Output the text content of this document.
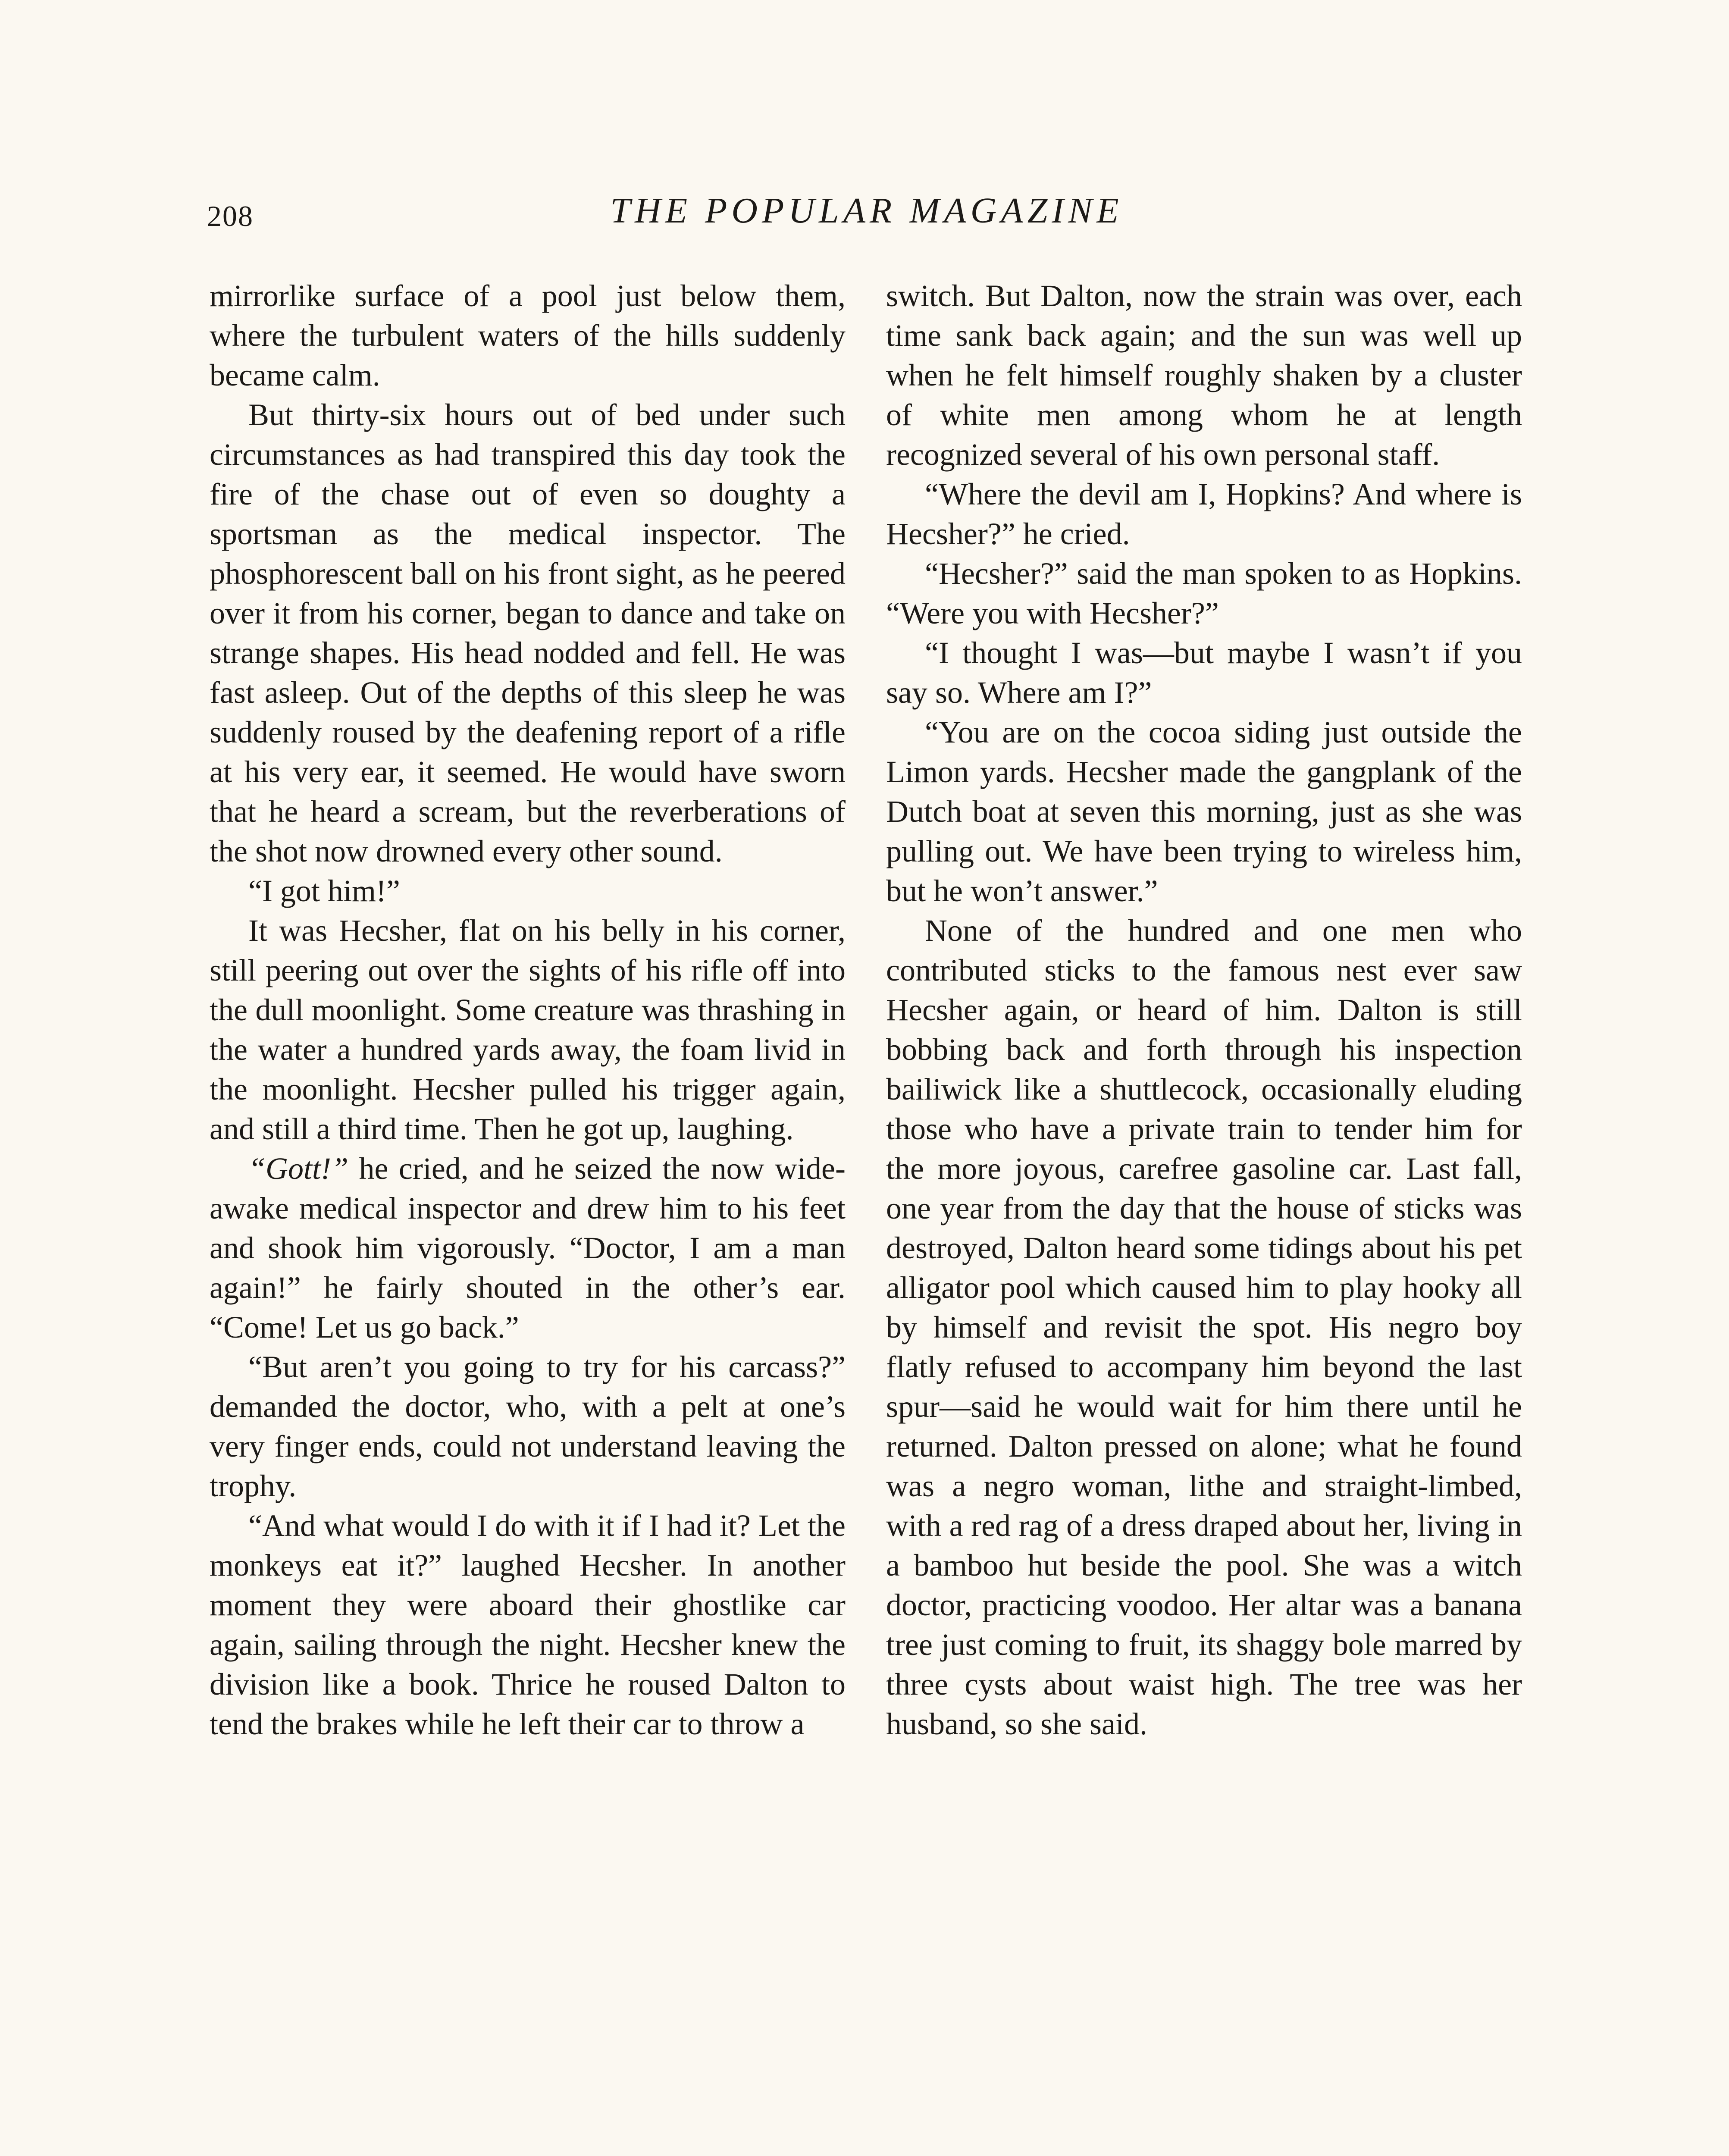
208	THE POPULAR MAGAZINE

mirrorlike surface of a pool just below them, where the turbulent waters of the hills suddenly became calm.

But thirty-six hours out of bed under such circumstances as had transpired this day took the fire of the chase out of even so doughty a sportsman as the medical inspector. The phosphorescent ball on his front sight, as he peered over it from his corner, began to dance and take on strange shapes. His head nodded and fell. He was fast asleep. Out of the depths of this sleep he was suddenly roused by the deafening report of a rifle at his very ear, it seemed. He would have sworn that he heard a scream, but the reverberations of the shot now drowned every other sound.

“I got him!”

It was Hecsher, flat on his belly in his corner, still peering out over the sights of his rifle off into the dull moonlight. Some creature was thrashing in the water a hundred yards away, the foam livid in the moonlight. Hecsher pulled his trigger again, and still a third time. Then he got up, laughing.

“Gott!” he cried, and he seized the now wide-awake medical inspector and drew him to his feet and shook him vigorously. “Doctor, I am a man again!” he fairly shouted in the other’s ear. “Come! Let us go back.”

“But aren’t you going to try for his carcass?” demanded the doctor, who, with a pelt at one’s very finger ends, could not understand leaving the trophy.

“And what would I do with it if I had it? Let the monkeys eat it?” laughed Hecsher. In another moment they were aboard their ghostlike car again, sailing through the night. Hecsher knew the division like a book. Thrice he roused Dalton to tend the brakes while he left their car to throw a

switch. But Dalton, now the strain was over, each time sank back again; and the sun was well up when he felt himself roughly shaken by a cluster of white men among whom he at length recognized several of his own personal staff.

“Where the devil am I, Hopkins? And where is Hecsher?” he cried.

“Hecsher?” said the man spoken to as Hopkins. “Were you with Hecsher?”

“I thought I was—but maybe I wasn’t if you say so. Where am I?”

“You are on the cocoa siding just outside the Limon yards. Hecsher made the gangplank of the Dutch boat at seven this morning, just as she was pulling out. We have been trying to wireless him, but he won’t answer.”

None of the hundred and one men who contributed sticks to the famous nest ever saw Hecsher again, or heard of him. Dalton is still bobbing back and forth through his inspection bailiwick like a shuttlecock, occasionally eluding those who have a private train to tender him for the more joyous, carefree gasoline car. Last fall, one year from the day that the house of sticks was destroyed, Dalton heard some tidings about his pet alligator pool which caused him to play hooky all by himself and revisit the spot. His negro boy flatly refused to accompany him beyond the last spur—said he would wait for him there until he returned. Dalton pressed on alone; what he found was a negro woman, lithe and straight-limbed, with a red rag of a dress draped about her, living in a bamboo hut beside the pool. She was a witch doctor, practicing voodoo. Her altar was a banana tree just coming to fruit, its shaggy bole marred by three cysts about waist high. The tree was her husband, so she said.
